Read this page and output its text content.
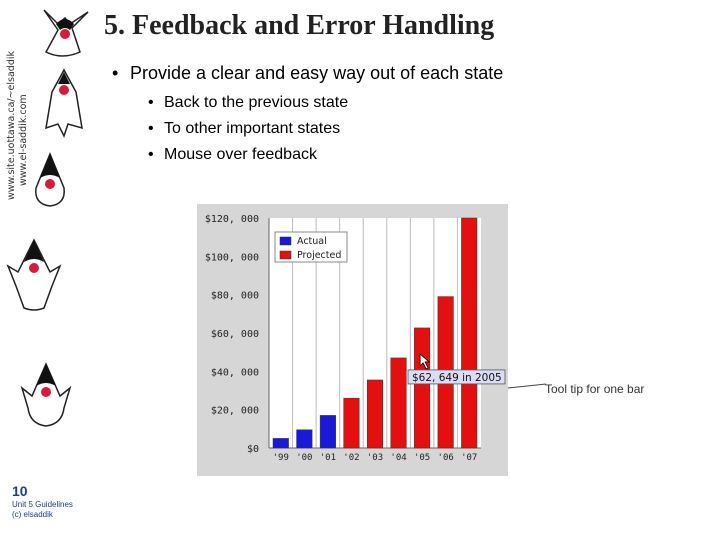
www.site.uottawa.ca/~elsaddik www.el-saddik.com
5. Feedback and Error Handling
• Provide a clear and easy way out of each state
• Back to the previous state
• To other important states
• Mouse over feedback
$0
$20, 000
$40, 000
$60, 000
$80, 000
$100, 000
$120, 000
'99 '00 '01 '02 '03 '04 '05 '06 '07
Actual
Projected
$62, 649 in 2005
Tool tip for one bar
10
Unit 5 Guidelines
(c) elsaddik
